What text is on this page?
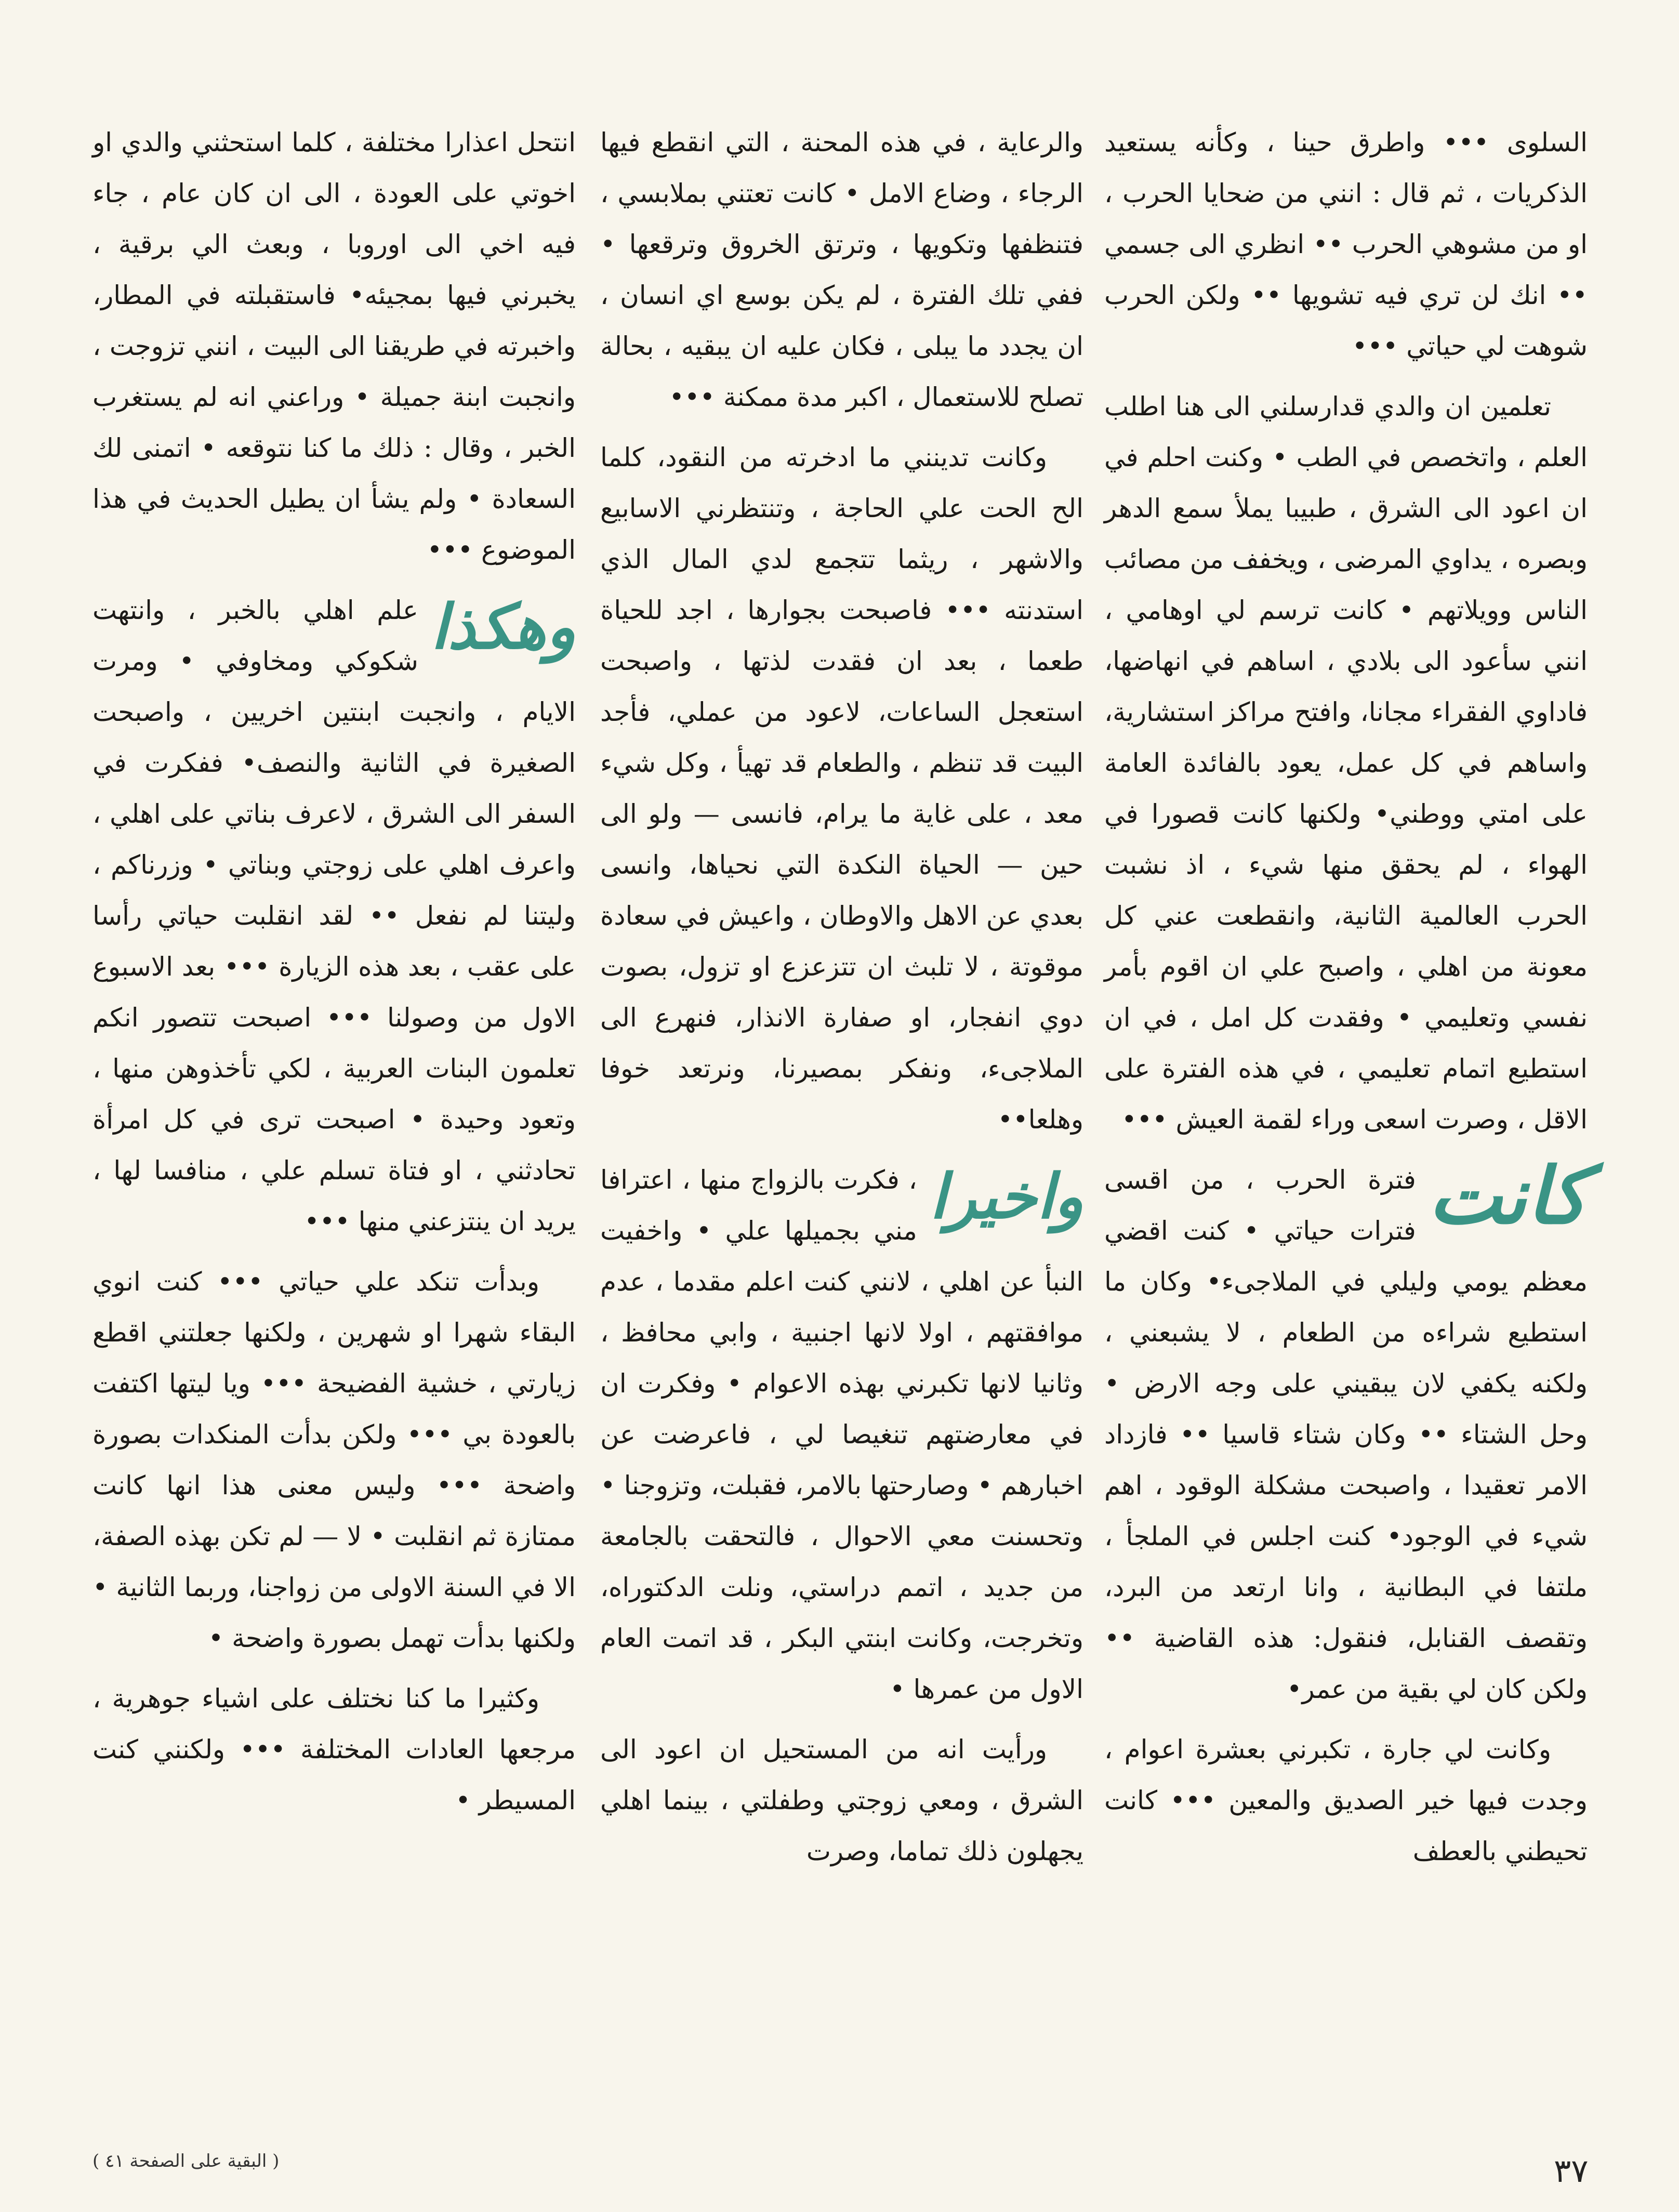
السلوى ••• واطرق حينا ، وكأنه يستعيد الذكريات ، ثم قال : انني من ضحايا الحرب ، او من مشوهي الحرب •• انظري الى جسمي •• انك لن تري فيه تشويها •• ولكن الحرب شوهت لي حياتي •••

تعلمين ان والدي قدارسلني الى هنا اطلب العلم ، واتخصص في الطب • وكنت احلم في ان اعود الى الشرق ، طبيبا يملأ سمع الدهر وبصره ، يداوي المرضى ، ويخفف من مصائب الناس وويلاتهم • كانت ترسم لي اوهامي ، انني سأعود الى بلادي ، اساهم في انهاضها، فاداوي الفقراء مجانا، وافتح مراكز استشارية، واساهم في كل عمل، يعود بالفائدة العامة على امتي ووطني• ولكنها كانت قصورا في الهواء ، لم يحقق منها شيء ، اذ نشبت الحرب العالمية الثانية، وانقطعت عني كل معونة من اهلي ، واصبح علي ان اقوم بأمر نفسي وتعليمي • وفقدت كل امل ، في ان استطيع اتمام تعليمي ، في هذه الفترة على الاقل ، وصرت اسعى وراء لقمة العيش •••

كانت
فترة الحرب ، من اقسى فترات حياتي • كنت اقضي معظم يومي وليلي في الملاجىء• وكان ما استطيع شراءه من الطعام ، لا يشبعني ، ولكنه يكفي لان يبقيني على وجه الارض • وحل الشتاء •• وكان شتاء قاسيا •• فازداد الامر تعقيدا ، واصبحت مشكلة الوقود ، اهم شيء في الوجود• كنت اجلس في الملجأ ، ملتفا في البطانية ، وانا ارتعد من البرد، وتقصف القنابل، فنقول: هذه القاضية •• ولكن كان لي بقية من عمر•

وكانت لي جارة ، تكبرني بعشرة اعوام ، وجدت فيها خير الصديق والمعين ••• كانت تحيطني بالعطف

والرعاية ، في هذه المحنة ، التي انقطع فيها الرجاء ، وضاع الامل • كانت تعتني بملابسي ، فتنظفها وتكويها ، وترتق الخروق وترقعها • ففي تلك الفترة ، لم يكن بوسع اي انسان ، ان يجدد ما يبلى ، فكان عليه ان يبقيه ، بحالة تصلح للاستعمال ، اكبر مدة ممكنة •••

وكانت تدينني ما ادخرته من النقود، كلما الح الحت علي الحاجة ، وتنتظرني الاسابيع والاشهر ، ريثما تتجمع لدي المال الذي استدنته ••• فاصبحت بجوارها ، اجد للحياة طعما ، بعد ان فقدت لذتها ، واصبحت استعجل الساعات، لاعود من عملي، فأجد البيت قد تنظم ، والطعام قد تهيأ ، وكل شيء معد ، على غاية ما يرام، فانسى — ولو الى حين — الحياة النكدة التي نحياها، وانسى بعدي عن الاهل والاوطان ، واعيش في سعادة موقوتة ، لا تلبث ان تتزعزع او تزول، بصوت دوي انفجار، او صفارة الانذار، فنهرع الى الملاجىء، ونفكر بمصيرنا، ونرتعد خوفا وهلعا••

واخيرا
، فكرت بالزواج منها ، اعترافا مني بجميلها علي • واخفيت النبأ عن اهلي ، لانني كنت اعلم مقدما ، عدم موافقتهم ، اولا لانها اجنبية ، وابي محافظ ، وثانيا لانها تكبرني بهذه الاعوام • وفكرت ان في معارضتهم تنغيصا لي ، فاعرضت عن اخبارهم • وصارحتها بالامر، فقبلت، وتزوجنا • وتحسنت معي الاحوال ، فالتحقت بالجامعة من جديد ، اتمم دراستي، ونلت الدكتوراه، وتخرجت، وكانت ابنتي البكر ، قد اتمت العام الاول من عمرها •

ورأيت انه من المستحيل ان اعود الى الشرق ، ومعي زوجتي وطفلتي ، بينما اهلي يجهلون ذلك تماما، وصرت

انتحل اعذارا مختلفة ، كلما استحثني والدي او اخوتي على العودة ، الى ان كان عام ، جاء فيه اخي الى اوروبا ، وبعث الي برقية ، يخبرني فيها بمجيئه• فاستقبلته في المطار، واخبرته في طريقنا الى البيت ، انني تزوجت ، وانجبت ابنة جميلة • وراعني انه لم يستغرب الخبر ، وقال : ذلك ما كنا نتوقعه • اتمنى لك السعادة • ولم يشأ ان يطيل الحديث في هذا الموضوع •••

وهكذا
علم اهلي بالخبر ، وانتهت شكوكي ومخاوفي • ومرت الايام ، وانجبت ابنتين اخريين ، واصبحت الصغيرة في الثانية والنصف• ففكرت في السفر الى الشرق ، لاعرف بناتي على اهلي ، واعرف اهلي على زوجتي وبناتي • وزرناكم ، وليتنا لم نفعل •• لقد انقلبت حياتي رأسا على عقب ، بعد هذه الزيارة ••• بعد الاسبوع الاول من وصولنا ••• اصبحت تتصور انكم تعلمون البنات العربية ، لكي تأخذوهن منها ، وتعود وحيدة • اصبحت ترى في كل امرأة تحادثني ، او فتاة تسلم علي ، منافسا لها ، يريد ان ينتزعني منها •••

وبدأت تنكد علي حياتي ••• كنت انوي البقاء شهرا او شهرين ، ولكنها جعلتني اقطع زيارتي ، خشية الفضيحة ••• ويا ليتها اكتفت بالعودة بي ••• ولكن بدأت المنكدات بصورة واضحة ••• وليس معنى هذا انها كانت ممتازة ثم انقلبت • لا — لم تكن بهذه الصفة، الا في السنة الاولى من زواجنا، وربما الثانية • ولكنها بدأت تهمل بصورة واضحة •

وكثيرا ما كنا نختلف على اشياء جوهرية ، مرجعها العادات المختلفة ••• ولكنني كنت المسيطر •

( البقية على الصفحة ٤١ )	٣٧
